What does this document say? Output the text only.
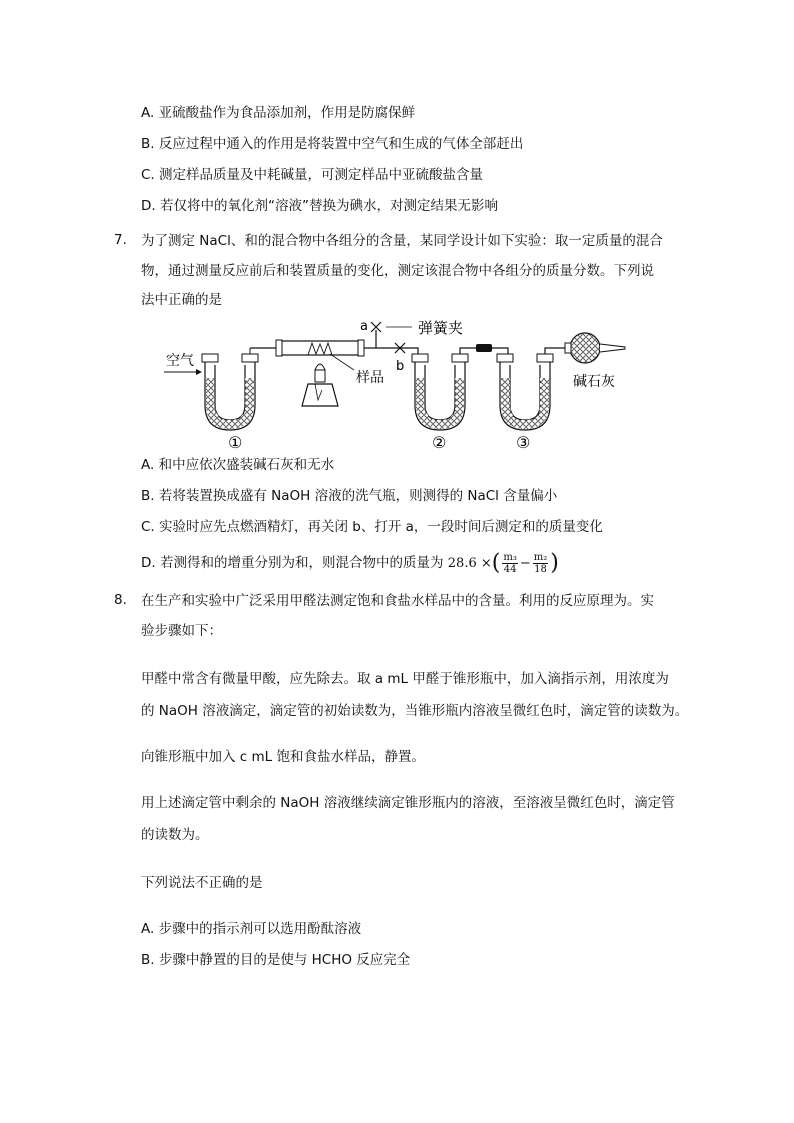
A. 亚硫酸盐作为食品添加剂，作用是防腐保鲜
B. 反应过程中通入的作用是将装置中空气和生成的气体全部赶出
C. 测定样品质量及中耗碱量，可测定样品中亚硫酸盐含量
D. 若仅将中的氧化剂“溶液”替换为碘水，对测定结果无影响
7. 为了测定 NaCl、和的混合物中各组分的含量，某同学设计如下实验：取一定质量的混合
物，通过测量反应前后和装置质量的变化，测定该混合物中各组分的质量分数。下列说
法中正确的是
空气
样品
a	弹簧夹
b
碱石灰
①	②	③
A. 和中应依次盛装碱石灰和无水
B. 若将装置换成盛有 NaOH 溶液的洗气瓶，则测得的 NaCl 含量偏小
C. 实验时应先点燃酒精灯，再关闭 b、打开 a，一段时间后测定和的质量变化
D. 若测得和的增重分别为和，则混合物中的质量为 28.6 ×( $\frac{\text{m₃}}{44} - \frac{\text{m₂}}{18}$ )
8. 在生产和实验中广泛采用甲醛法测定饱和食盐水样品中的含量。利用的反应原理为。实
验步骤如下：
甲醛中常含有微量甲酸，应先除去。取 a mL 甲醛于锥形瓶中，加入滴指示剂，用浓度为
的 NaOH 溶液滴定，滴定管的初始读数为，当锥形瓶内溶液呈微红色时，滴定管的读数为。
向锥形瓶中加入 c mL 饱和食盐水样品，静置。
用上述滴定管中剩余的 NaOH 溶液继续滴定锥形瓶内的溶液，至溶液呈微红色时，滴定管
的读数为。
下列说法不正确的是
A. 步骤中的指示剂可以选用酚酞溶液
B. 步骤中静置的目的是使与 HCHO 反应完全
